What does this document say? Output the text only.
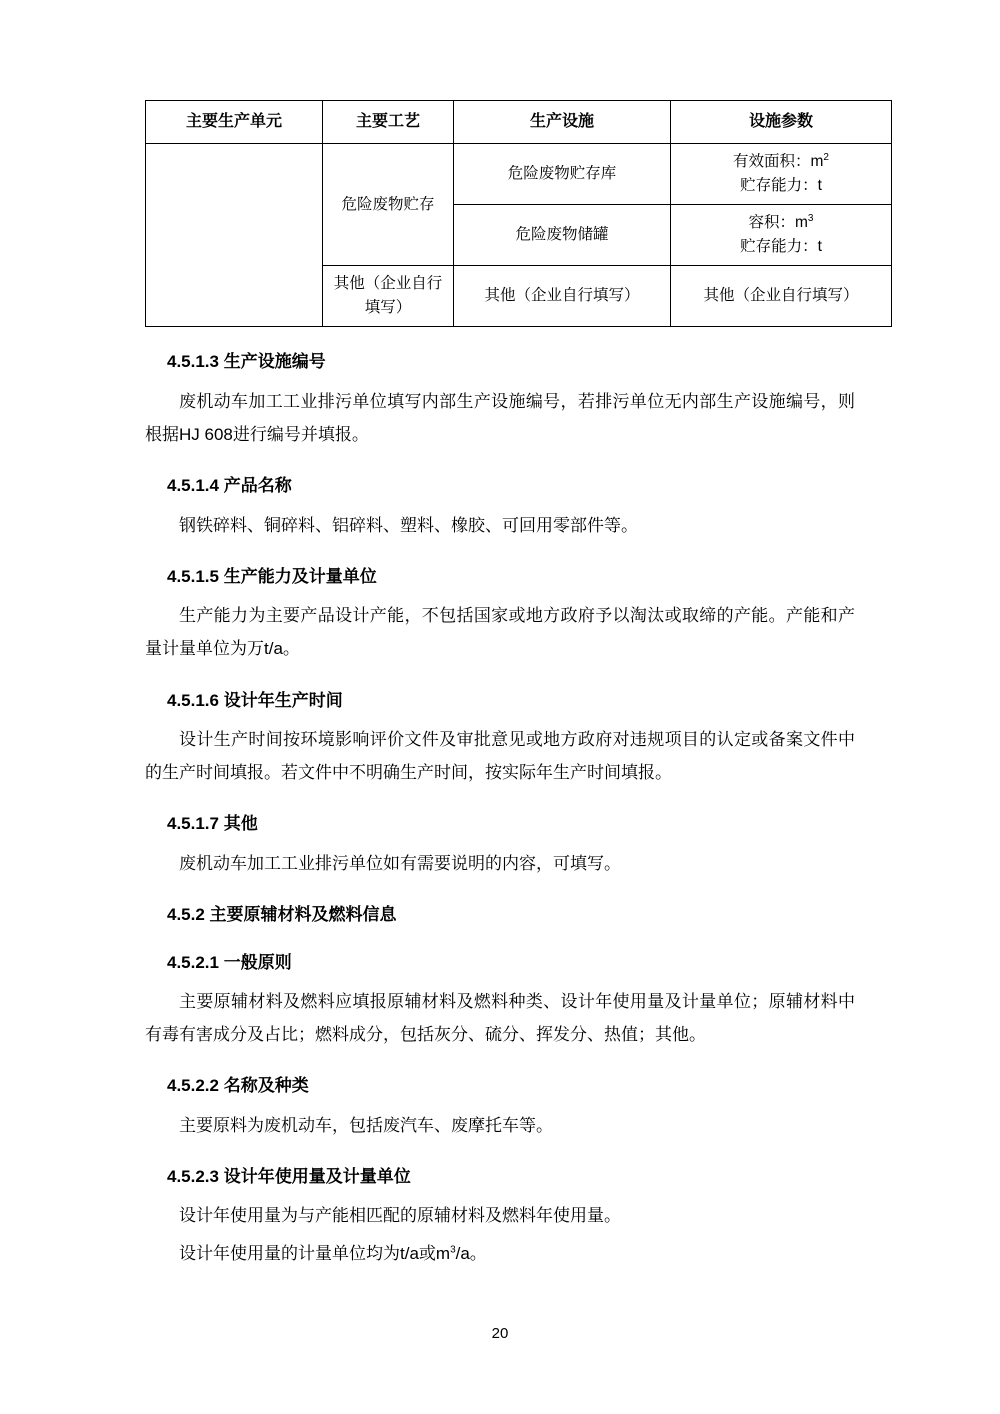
主要生产单元	主要工艺	生产设施	设施参数
	危险废物贮存	危险废物贮存库	有效面积：$m^2$
贮存能力：t

		危险废物储罐	容积：$m^3$
贮存能力：t

	其他（企业自行填写）	其他（企业自行填写）	其他（企业自行填写）
4.5.1.3 生产设施编号

废机动车加工工业排污单位填写内部生产设施编号，若排污单位无内部生产设施编号，则根据HJ 608进行编号并填报。

4.5.1.4 产品名称

钢铁碎料、铜碎料、铝碎料、塑料、橡胶、可回用零部件等。

4.5.1.5 生产能力及计量单位

生产能力为主要产品设计产能，不包括国家或地方政府予以淘汰或取缔的产能。产能和产量计量单位为万t/a。

4.5.1.6 设计年生产时间

设计生产时间按环境影响评价文件及审批意见或地方政府对违规项目的认定或备案文件中的生产时间填报。若文件中不明确生产时间，按实际年生产时间填报。

4.5.1.7 其他

废机动车加工工业排污单位如有需要说明的内容，可填写。

4.5.2 主要原辅材料及燃料信息
4.5.2.1 一般原则

主要原辅材料及燃料应填报原辅材料及燃料种类、设计年使用量及计量单位；原辅材料中有毒有害成分及占比；燃料成分，包括灰分、硫分、挥发分、热值；其他。

4.5.2.2 名称及种类

主要原料为废机动车，包括废汽车、废摩托车等。

4.5.2.3 设计年使用量及计量单位

设计年使用量为与产能相匹配的原辅材料及燃料年使用量。

设计年使用量的计量单位均为t/a或$m^3/a$。

20
